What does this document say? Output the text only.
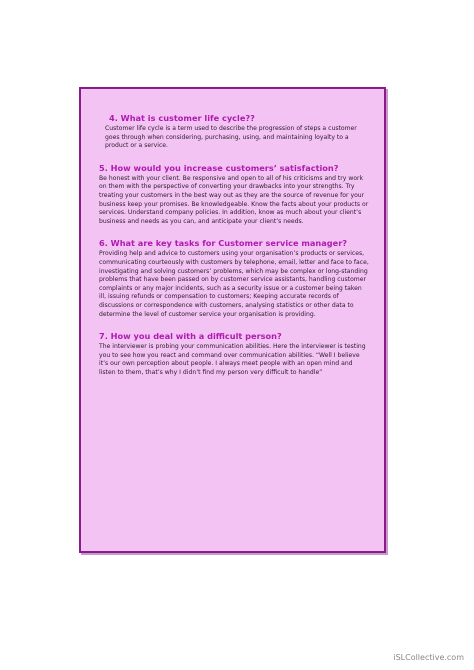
4. What is customer life cycle??

Customer life cycle is a term used to describe the progression of steps a customer goes through when considering, purchasing, using, and maintaining loyalty to a product or a service.

5. How would you increase customers’ satisfaction?

Be honest with your client. Be responsive and open to all of his criticisms and try work on them with the perspective of converting your drawbacks into your strengths. Try treating your customers in the best way out as they are the source of revenue for your business keep your promises. Be knowledgeable. Know the facts about your products or services. Understand company policies. In addition, know as much about your client’s business and needs as you can, and anticipate your client’s needs.

6. What are key tasks for Customer service manager?

Providing help and advice to customers using your organisation’s products or services, communicating courteously with customers by telephone, email, letter and face to face, investigating and solving customers’ problems, which may be complex or long-standing problems that have been passed on by customer service assistants, handling customer complaints or any major incidents, such as a security issue or a customer being taken ill, issuing refunds or compensation to customers; Keeping accurate records of discussions or correspondence with customers, analysing statistics or other data to determine the level of customer service your organisation is providing.

7. How you deal with a difficult person?

The interviewer is probing your communication abilities. Here the interviewer is testing you to see how you react and command over communication abilities. “Well I believe it’s our own perception about people. I always meet people with an open mind and listen to them, that’s why I didn’t find my person very difficult to handle”

iSLCollective.com
